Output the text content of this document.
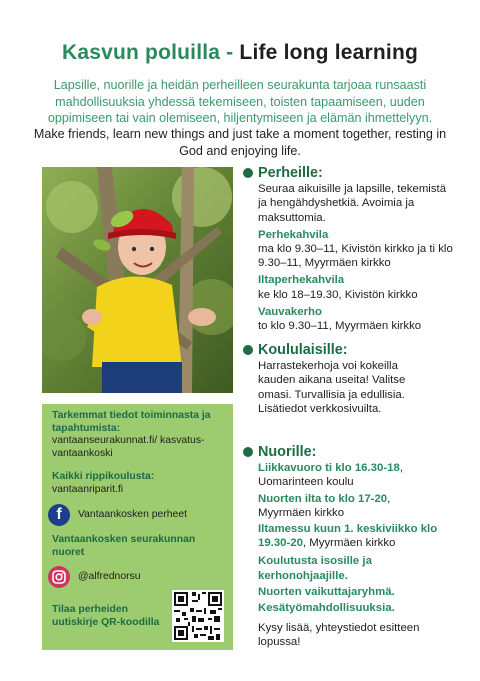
Kasvun poluilla - Life long learning
Lapsille, nuorille ja heidän perheilleen seurakunta tarjoaa runsaasti mahdollisuuksia yhdessä tekemiseen, toisten tapaamiseen, uuden oppimiseen tai vain olemiseen, hiljentymiseen ja elämän ihmettelyyn.
Make friends, learn new things and just take a moment together, resting in God and enjoying life.
Tarkemmat tiedot toiminnasta ja tapahtumista:
vantaanseurakunnat.fi/ kasvatus-vantaankoski
Kaikki rippikoulusta:
vantaanriparit.fi
f	Vantaankosken perheet
Vantaankosken seurakunnan nuoret
@alfrednorsu
Tilaa perheiden uutiskirje QR-koodilla
Perheille:
Seuraa aikuisille ja lapsille, tekemistä ja hengähdyshetkiä. Avoimia ja maksuttomia.
Perhekahvila
ma klo 9.30–11, Kivistön kirkko ja ti klo 9.30–11, Myyrmäen kirkko
Iltaperhekahvila
ke klo 18–19.30, Kivistön kirkko
Vauvakerho
to klo 9.30–11, Myyrmäen kirkko
Koululaisille:
Harrastekerhoja voi kokeilla kauden aikana useita! Valitse omasi. Turvallisia ja edullisia. Lisätiedot verkkosivuilta.
Nuorille:
Liikkavuoro ti klo 16.30-18, Uomarinteen koulu
Nuorten ilta to klo 17-20, Myyrmäen kirkko
Iltamessu kuun 1. keskiviikko klo 19.30-20, Myyrmäen kirkko
Koulutusta isosille ja kerhonohjaajille.
Nuorten vaikuttajaryhmä.
Kesätyömahdollisuuksia.
Kysy lisää, yhteystiedot esitteen lopussa!
